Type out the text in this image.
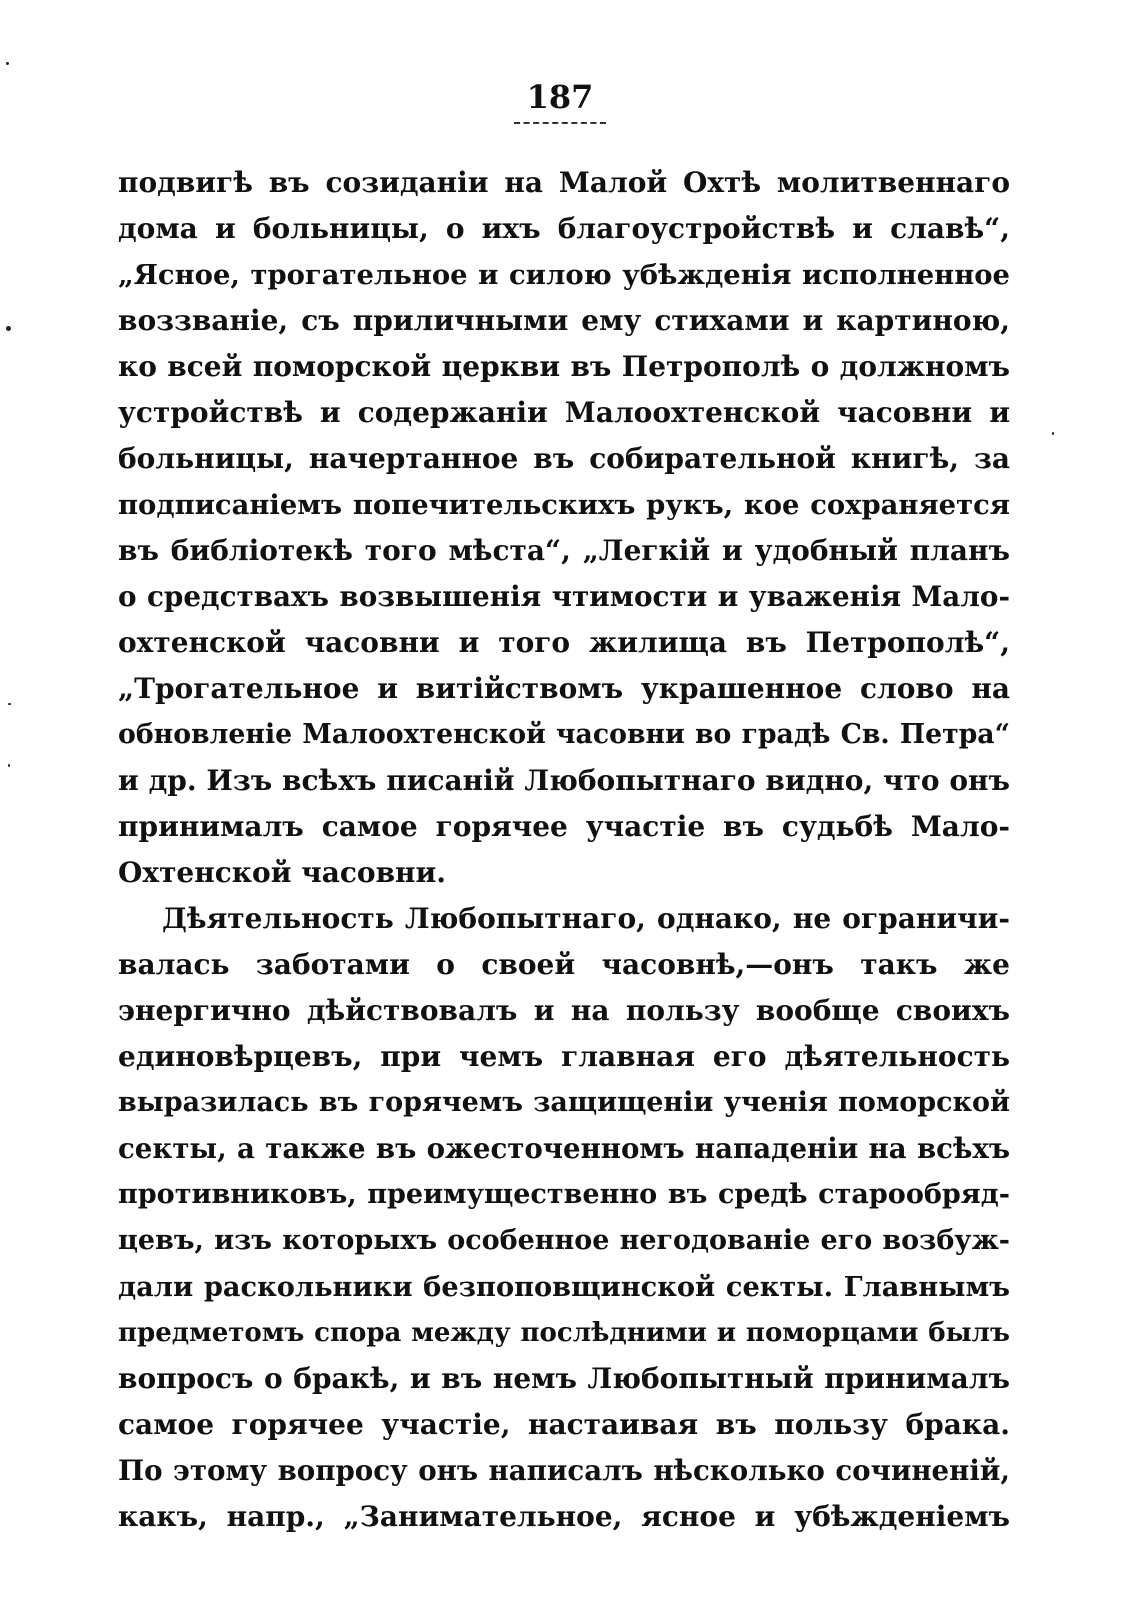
187
подвигѣ въ созиданіи на Малой Охтѣ молитвеннаго
дома и больницы, о ихъ благоустройствѣ и славѣ“,
„Ясное, трогательное и силою убѣжденія исполненное
воззваніе, съ приличными ему стихами и картиною,
ко всей поморской церкви въ Петрополѣ о должномъ
устройствѣ и содержаніи Малоохтенской часовни и
больницы, начертанное въ собирательной книгѣ, за
подписаніемъ попечительскихъ рукъ, кое сохраняется
въ библіотекѣ того мѣста“, „Легкій и удобный планъ
о средствахъ возвышенія чтимости и уваженія Мало-
охтенской часовни и того жилища въ Петрополѣ“,
„Трогательное и витійствомъ украшенное слово на
обновленіе Малоохтенской часовни во градѣ Св. Петра“
и др. Изъ всѣхъ писаній Любопытнаго видно, что онъ
принималъ самое горячее участіе въ судьбѣ Мало-
Охтенской часовни.
Дѣятельность Любопытнаго, однако, не ограничи-
валась заботами о своей часовнѣ,—онъ такъ же
энергично дѣйствовалъ и на пользу вообще своихъ
единовѣрцевъ, при чемъ главная его дѣятельность
выразилась въ горячемъ защищеніи ученія поморской
секты, а также въ ожесточенномъ нападеніи на всѣхъ
противниковъ, преимущественно въ средѣ старообряд-
цевъ, изъ которыхъ особенное негодованіе его возбуж-
дали раскольники безпоповщинской секты. Главнымъ
предметомъ спора между послѣдними и поморцами былъ
вопросъ о бракѣ, и въ немъ Любопытный принималъ
самое горячее участіе, настаивая въ пользу брака.
По этому вопросу онъ написалъ нѣсколько сочиненій,
какъ, напр., „Занимательное, ясное и убѣжденіемъ
